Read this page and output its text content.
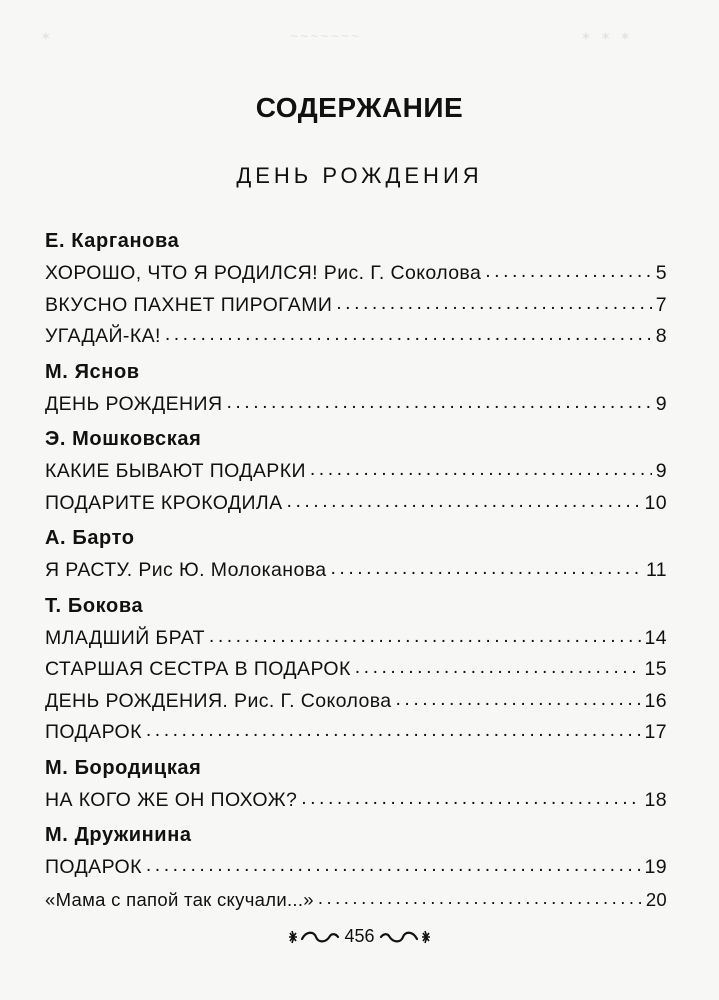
✶	~~~~~~~	✶ ✶ ✶
СОДЕРЖАНИЕ
ДЕНЬ РОЖДЕНИЯ
Е. Карганова
ХОРОШО, ЧТО Я РОДИЛСЯ! Рис. Г. Соколова .....	5
ВКУСНО ПАХНЕТ ПИРОГАМИ .....	7
УГАДАЙ-КА! .....	8
М. Яснов
ДЕНЬ РОЖДЕНИЯ .....	9
Э. Мошковская
КАКИЕ БЫВАЮТ ПОДАРКИ .....	9
ПОДАРИТЕ КРОКОДИЛА .....	10
А. Барто
Я РАСТУ. Рис Ю. Молоканова .....	11
Т. Бокова
МЛАДШИЙ БРАТ .....	14
СТАРШАЯ СЕСТРА В ПОДАРОК .....	15
ДЕНЬ РОЖДЕНИЯ. Рис. Г. Соколова .....	16
ПОДАРОК .....	17
М. Бородицкая
НА КОГО ЖЕ ОН ПОХОЖ? .....	18
М. Дружинина
ПОДАРОК .....	19
«Мама с папой так скучали...» .....	20
456
